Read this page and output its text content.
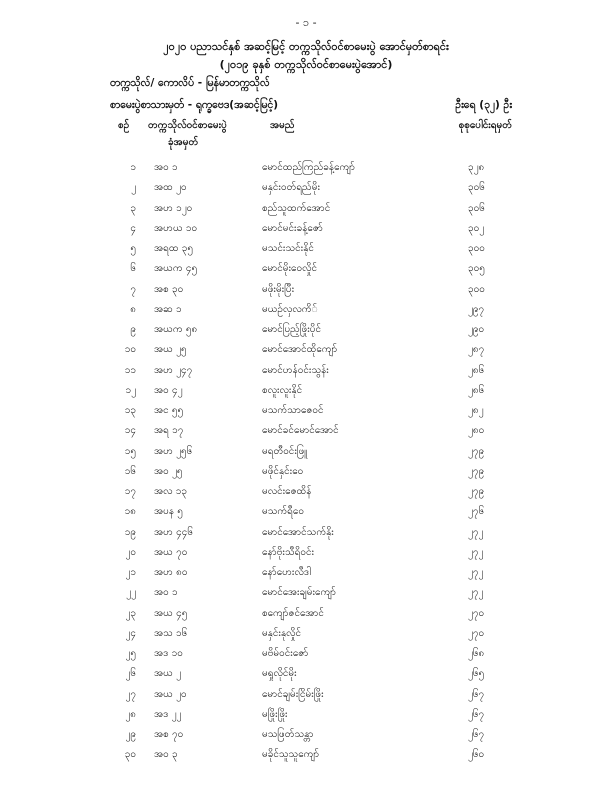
- ၁ -
၂၀၂၀ ပညာသင်နှစ် အဆင့်မြင့် တက္ကသိုလ်ဝင်စာမေးပွဲ အောင်မှတ်စာရင်း
(၂၀၁၉ ခုနှစ် တက္ကသိုလ်ဝင်စာမေးပွဲအောင်)
တက္ကသိုလ်/ ကောလိပ် - မြန်မာတက္ကသိုလ်
စာမေးပွဲစာသားမှတ် - ရုက္ခဗေဒ(အဆင့်မြင့်)	ဦးရေ (၃၂) ဦး
စဉ် တက္ကသိုလ်ဝင်စာမေးပွဲ
ခုံအမှတ်
အမည်	စုစုပေါင်းရမှတ်
၁ အ၀ ၁	မောင်ထည်ကြည်ခန့်ကျော်	၃၂၈
၂ အထ ၂၀	မနှင်းဝတ်ရည်မိုး	၃၀၆
၃ အဟ ၁၂၀	စည်သူထက်အောင်	၃၀၆
၄ အဟယ ၁၀	မောင်မင်းခန့်ဇော်	၃၀၂
၅ အရထ ၃၅	မသင်းသင်းနိုင်	၃၀၀
၆ အယက ၄၅	မောင်မိုးဝေလှိုင်	၃၀၅
၇ အစ ၃၀	မဖိုးမိုးပြီး	၃၀၀
၈ အဆ ၁	မယဉ်လှလကိ်	၂၉၇
၉ အယက ၅၈	မောင်ပြည့်ဖြိုးပိုင်	၂၉၀
၁၀ အယ ၂၅	မောင်အောင်ထိုကျော်	၂၈၇
၁၁ အဟ ၂၄၇	မောင်ဟန်ဝင်းသွန်း	၂၈၆
၁၂ အ၀ ၄၂	စလူးလူးနိုင်	၂၈၆
၁၃ အင ၅၅	မသက်သာဇေဝင်	၂၈၂
၁၄ အရ ၁၇	မောင်ခင်မောင်အောင်	၂၈၀
၁၅ အဟ ၂၅၆	မရတီဝင်းဖြူ	၂၇၉
၁၆ အ၀ ၂၅	မဖိုင်နှင်းဝေ	၂၇၉
၁၇ အလ ၁၃	မလင်းဇေထိန်	၂၇၉
၁၈ အပန ၅	မသက်ရီဝေ	၂၇၆
၁၉ အဟ ၄၄၆	မောင်အောင်သက်နိုး	၂၇၂
၂၀ အယ ၇၀	နော်ဗိုးသီရိဝင်း	၂၇၂
၂၁ အဟ ၈၀	နော်ဟေးလီဒါ	၂၇၂
၂၂ အ၀ ၁	မောင်အေးချမ်းကျော်	၂၇၂
၂၃ အယ ၄၅	စကျော်ဇင်အောင်	၂၇၀
၂၄ အသ ၁၆	မနှင်းနုလှိုင်	၂၇၀
၂၅ အဒ ၁၀	မဗိမ်ဝင်းဇော်	၂၆၈
၂၆ အယ ၂	မရှုလိုင်မိုး	၂၆၅
၂၇ အယ ၂၀	မောင်ချမ်းငြိမ်းဖြိုး	၂၆၇
၂၈ အဒ ၂၂	မဖြိုးဖြိုး	၂၆၇
၂၉ အစ ၇၀	မသဖြတ်သန္တာ	၂၆၇
၃၀ အ၀ ၃	မခိုင်သူသူကျော်	၂၆၀
